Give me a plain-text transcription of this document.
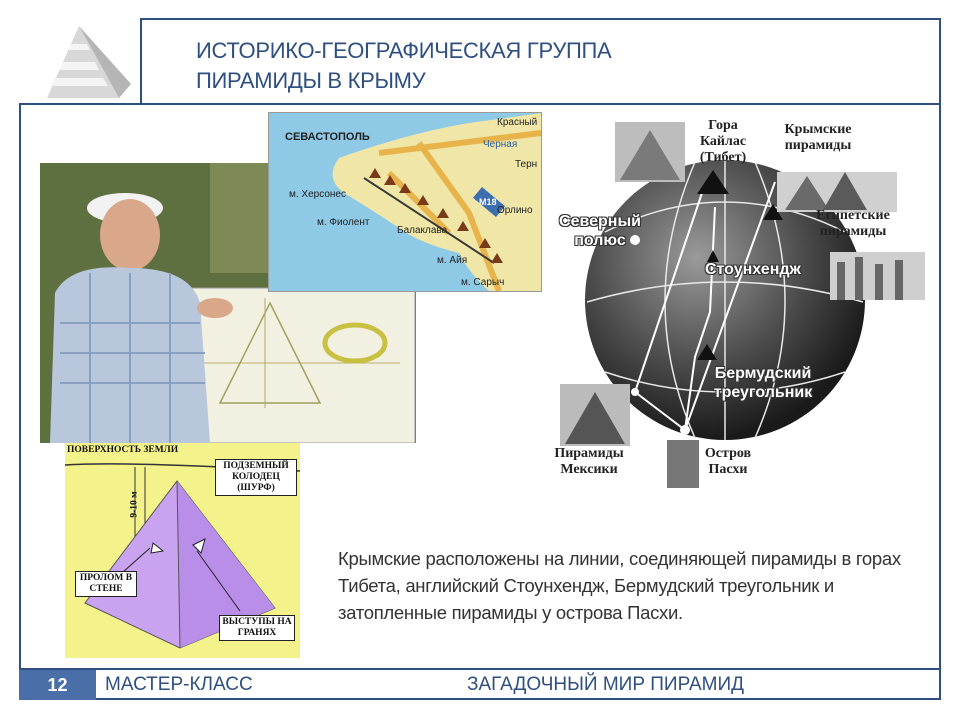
ИСТОРИКО-ГЕОГРАФИЧЕСКАЯ ГРУППА
ПИРАМИДЫ В КРЫМУ
СЕВАСТОПОЛЬ
м. Херсонес
м. Фиолент
Балаклава
м. Айя
м. Сарыч
Красный
Черная
Терн
Орлино
М18
Гора Кайлас (Тибет)
Крымские пирамиды
Египетские пирамиды
Северный полюс
Стоунхендж
Бермудский треугольник
Пирамиды Мексики
Остров Пасхи
ПОВЕРХНОСТЬ ЗЕМЛИ
ПОДЗЕМНЫЙ КОЛОДЕЦ (ШУРФ)
9-10 м
ПРОЛОМ В СТЕНЕ
ВЫСТУПЫ НА ГРАНЯХ
Крымские расположены на линии, соединяющей пирамиды в горах Тибета, английский Стоунхендж, Бермудский треугольник и затопленные пирамиды у острова Пасхи.
12	МАСТЕР-КЛАСС	ЗАГАДОЧНЫЙ МИР ПИРАМИД
